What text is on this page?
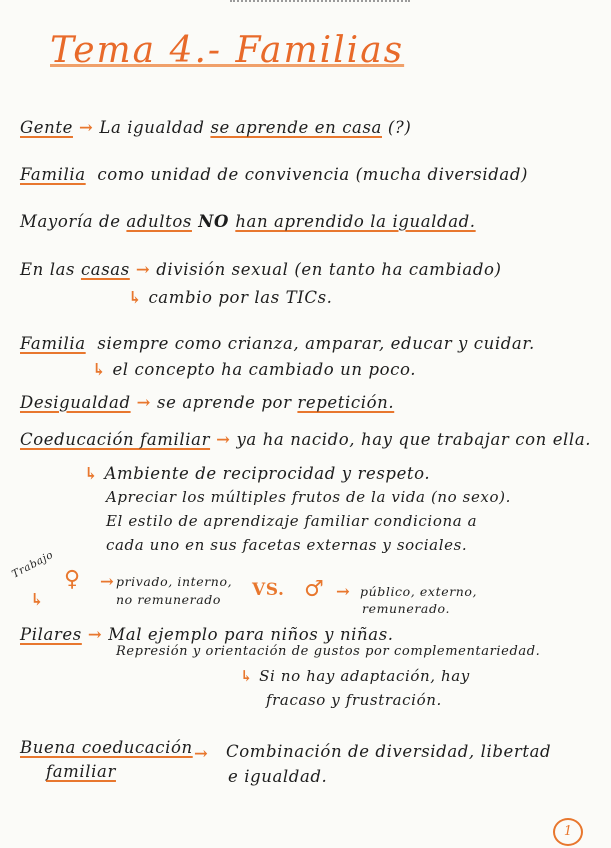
Tema 4.- Familias
Gente → La igualdad se aprende en casa (?)
Familia como unidad de convivencia (mucha diversidad)
Mayoría de adultos NO han aprendido la igualdad.
En las casas → división sexual (en tanto ha cambiado)
↳ cambio por las TICs.
Familia siempre como crianza, amparar, educar y cuidar.
↳ el concepto ha cambiado un poco.
Desigualdad → se aprende por repetición.
Coeducación familiar → ya ha nacido, hay que trabajar con ella.
↳ Ambiente de reciprocidad y respeto.
Apreciar los múltiples frutos de la vida (no sexo).
El estilo de aprendizaje familiar condiciona a
cada uno en sus facetas externas y sociales.
Trabajo
↳
♀	→ privado, interno,
no remunerado VS. ♂ → público, externo,
remunerado.
Pilares → Mal ejemplo para niños y niñas.
Represión y orientación de gustos por complementariedad.
↳ Si no hay adaptación, hay
fracaso y frustración.
Buena coeducación
familiar
→	Combinación de diversidad, libertad
e igualdad.
1
